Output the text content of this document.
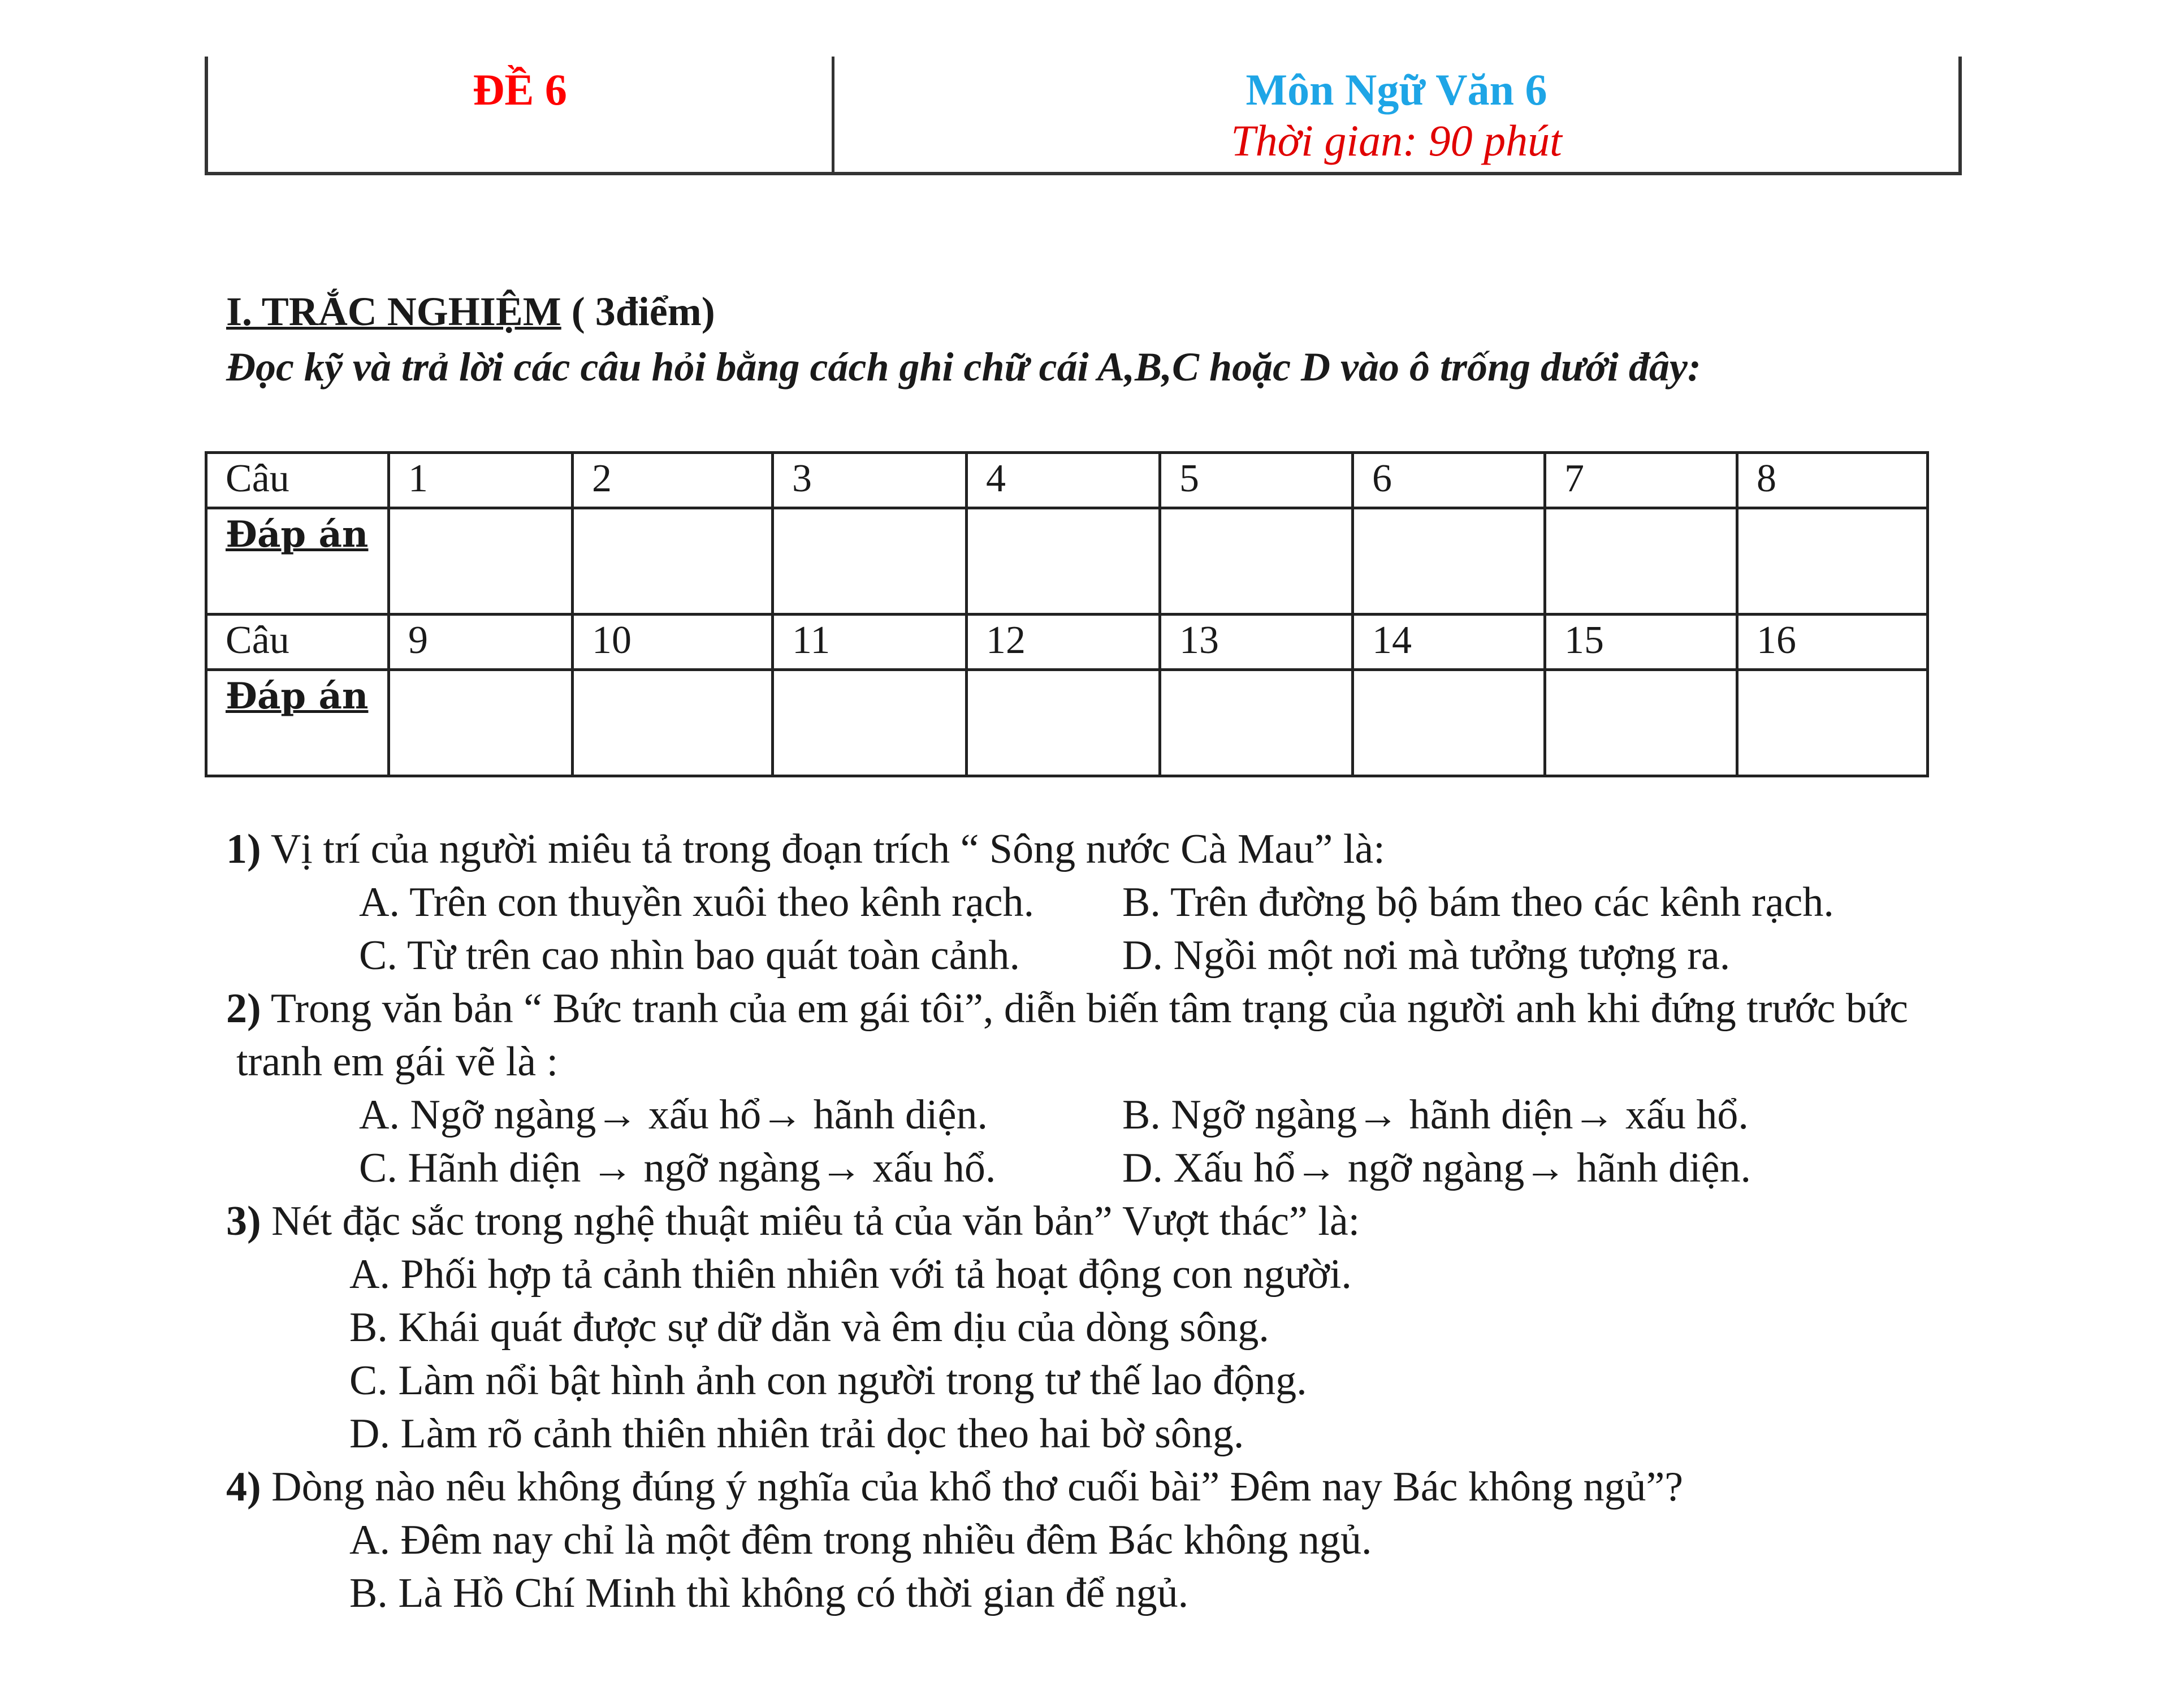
ĐỀ 6	Môn Ngữ Văn 6
Thời gian: 90 phút
I. TRẮC NGHIỆM ( 3điểm)
Đọc kỹ và trả lời các câu hỏi bằng cách ghi chữ cái A,B,C hoặc D vào ô trống dưới đây:
Câu	1	2	3	4	5	6	7	8
Đáp án								
Câu	9	10	11	12	13	14	15	16
Đáp án								
1) Vị trí của người miêu tả trong đoạn trích “ Sông nước Cà Mau” là:
A. Trên con thuyền xuôi theo kênh rạch.	B. Trên đường bộ bám theo các kênh rạch.
C. Từ trên cao nhìn bao quát toàn cảnh.	D. Ngồi một nơi mà tưởng tượng ra.
2) Trong văn bản “ Bức tranh của em gái tôi”, diễn biến tâm trạng của người anh khi đứng trước bức
tranh em gái vẽ là :
A. Ngỡ ngàng→ xấu hổ→ hãnh diện.	B. Ngỡ ngàng→ hãnh diện→ xấu hổ.
C. Hãnh diện → ngỡ ngàng→ xấu hổ.	D. Xấu hổ→ ngỡ ngàng→ hãnh diện.
3) Nét đặc sắc trong nghệ thuật miêu tả của văn bản” Vượt thác” là:
A. Phối hợp tả cảnh thiên nhiên với tả hoạt động con người.
B. Khái quát được sự dữ dằn và êm dịu của dòng sông.
C. Làm nổi bật hình ảnh con người trong tư thế lao động.
D. Làm rõ cảnh thiên nhiên trải dọc theo hai bờ sông.
4) Dòng nào nêu không đúng ý nghĩa của khổ thơ cuối bài” Đêm nay Bác không ngủ”?
A. Đêm nay chỉ là một đêm trong nhiều đêm Bác không ngủ.
B. Là Hồ Chí Minh thì không có thời gian để ngủ.
